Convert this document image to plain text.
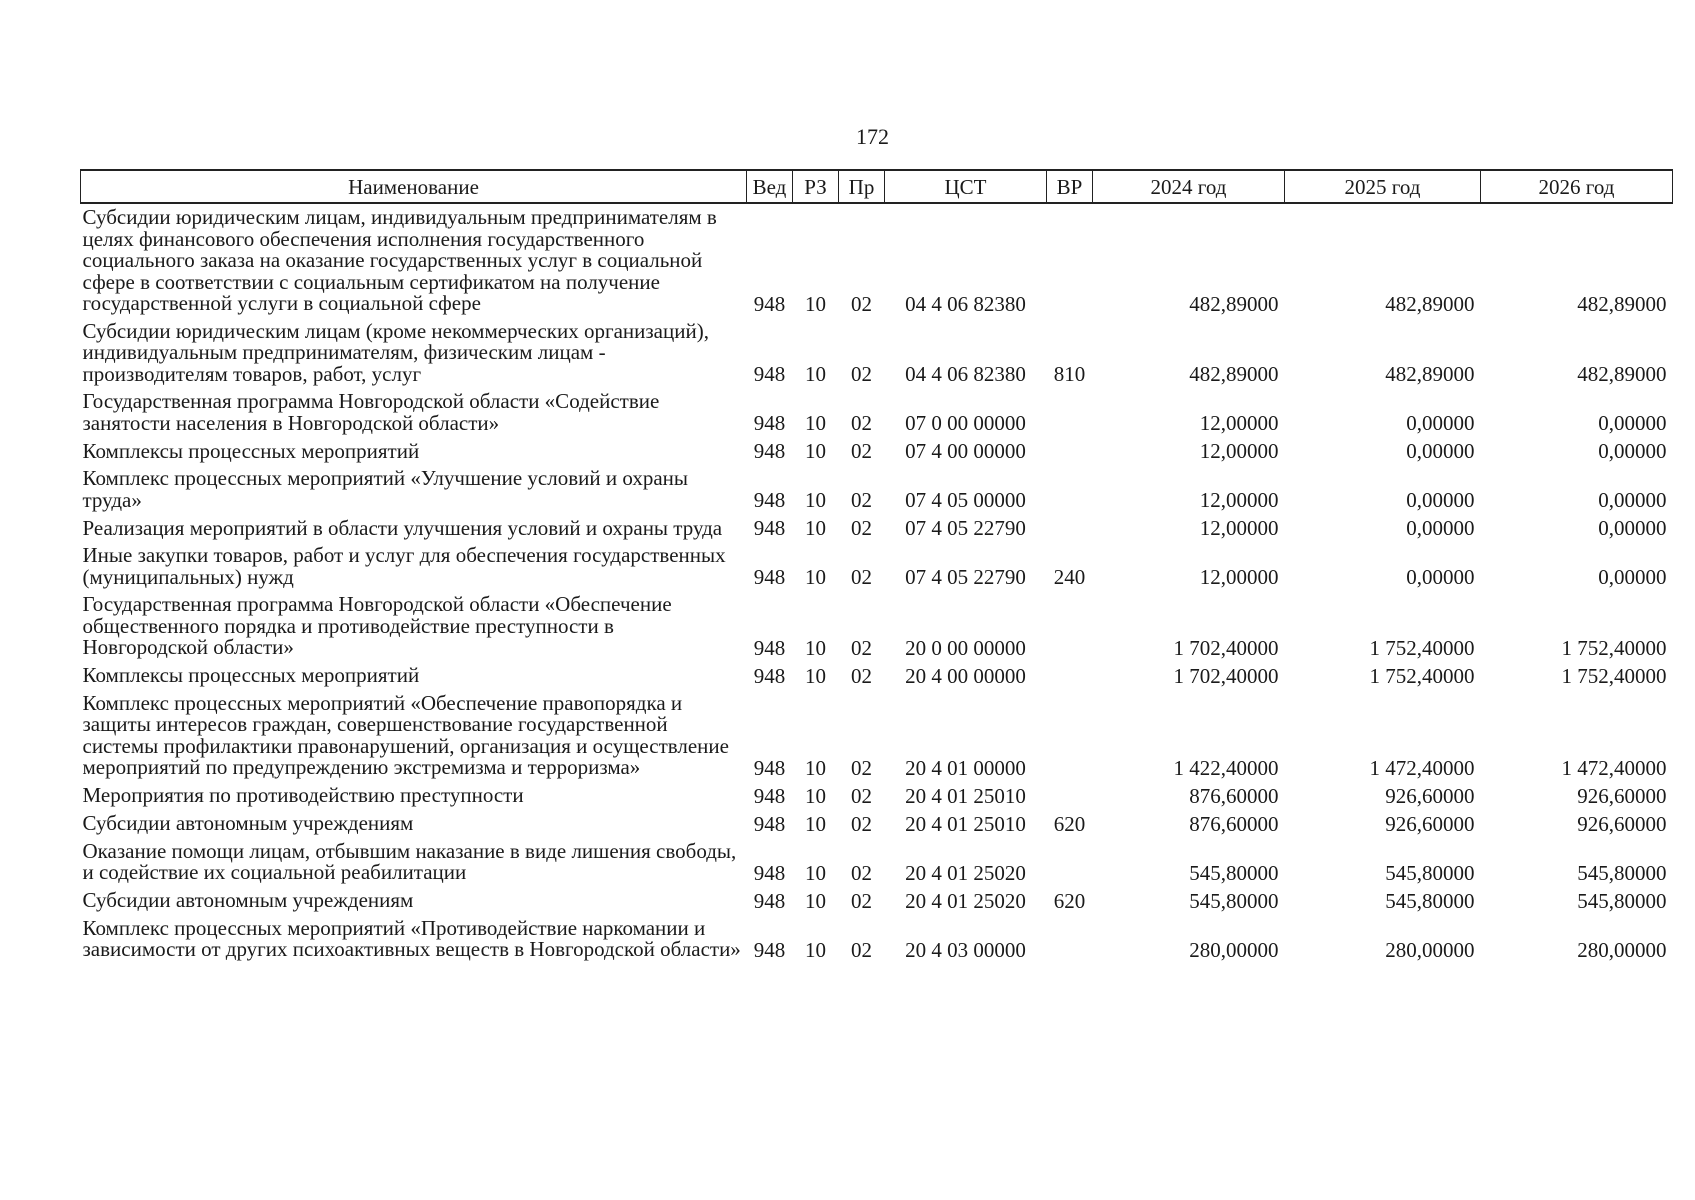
172
Наименование	Вед	РЗ	Пр	ЦСТ	ВР	2024 год	2025 год	2026 год
Субсидии юридическим лицам, индивидуальным предпринимателям в целях финансового обеспечения исполнения государственного социального заказа на оказание государственных услуг в социальной сфере в соответствии с социальным сертификатом на получение государственной услуги в социальной сфере	948	10	02	04 4 06 82380		482,89000	482,89000	482,89000
Субсидии юридическим лицам (кроме некоммерческих организаций), индивидуальным предпринимателям, физическим лицам - производителям товаров, работ, услуг	948	10	02	04 4 06 82380	810	482,89000	482,89000	482,89000
Государственная программа Новгородской области «Содействие занятости населения в Новгородской области»	948	10	02	07 0 00 00000		12,00000	0,00000	0,00000
Комплексы процессных мероприятий	948	10	02	07 4 00 00000		12,00000	0,00000	0,00000
Комплекс процессных мероприятий «Улучшение условий и охраны труда»	948	10	02	07 4 05 00000		12,00000	0,00000	0,00000
Реализация мероприятий в области улучшения условий и охраны труда	948	10	02	07 4 05 22790		12,00000	0,00000	0,00000
Иные закупки товаров, работ и услуг для обеспечения государственных (муниципальных) нужд	948	10	02	07 4 05 22790	240	12,00000	0,00000	0,00000
Государственная программа Новгородской области «Обеспечение общественного порядка и противодействие преступности в Новгородской области»	948	10	02	20 0 00 00000		1 702,40000	1 752,40000	1 752,40000
Комплексы процессных мероприятий	948	10	02	20 4 00 00000		1 702,40000	1 752,40000	1 752,40000
Комплекс процессных мероприятий «Обеспечение правопорядка и защиты интересов граждан, совершенствование государственной системы профилактики правонарушений, организация и осуществление мероприятий по предупреждению экстремизма и терроризма»	948	10	02	20 4 01 00000		1 422,40000	1 472,40000	1 472,40000
Мероприятия по противодействию преступности	948	10	02	20 4 01 25010		876,60000	926,60000	926,60000
Субсидии автономным учреждениям	948	10	02	20 4 01 25010	620	876,60000	926,60000	926,60000
Оказание помощи лицам, отбывшим наказание в виде лишения свободы, и содействие их социальной реабилитации	948	10	02	20 4 01 25020		545,80000	545,80000	545,80000
Субсидии автономным учреждениям	948	10	02	20 4 01 25020	620	545,80000	545,80000	545,80000
Комплекс процессных мероприятий «Противодействие наркомании и зависимости от других психоактивных веществ в Новгородской области»	948	10	02	20 4 03 00000		280,00000	280,00000	280,00000
